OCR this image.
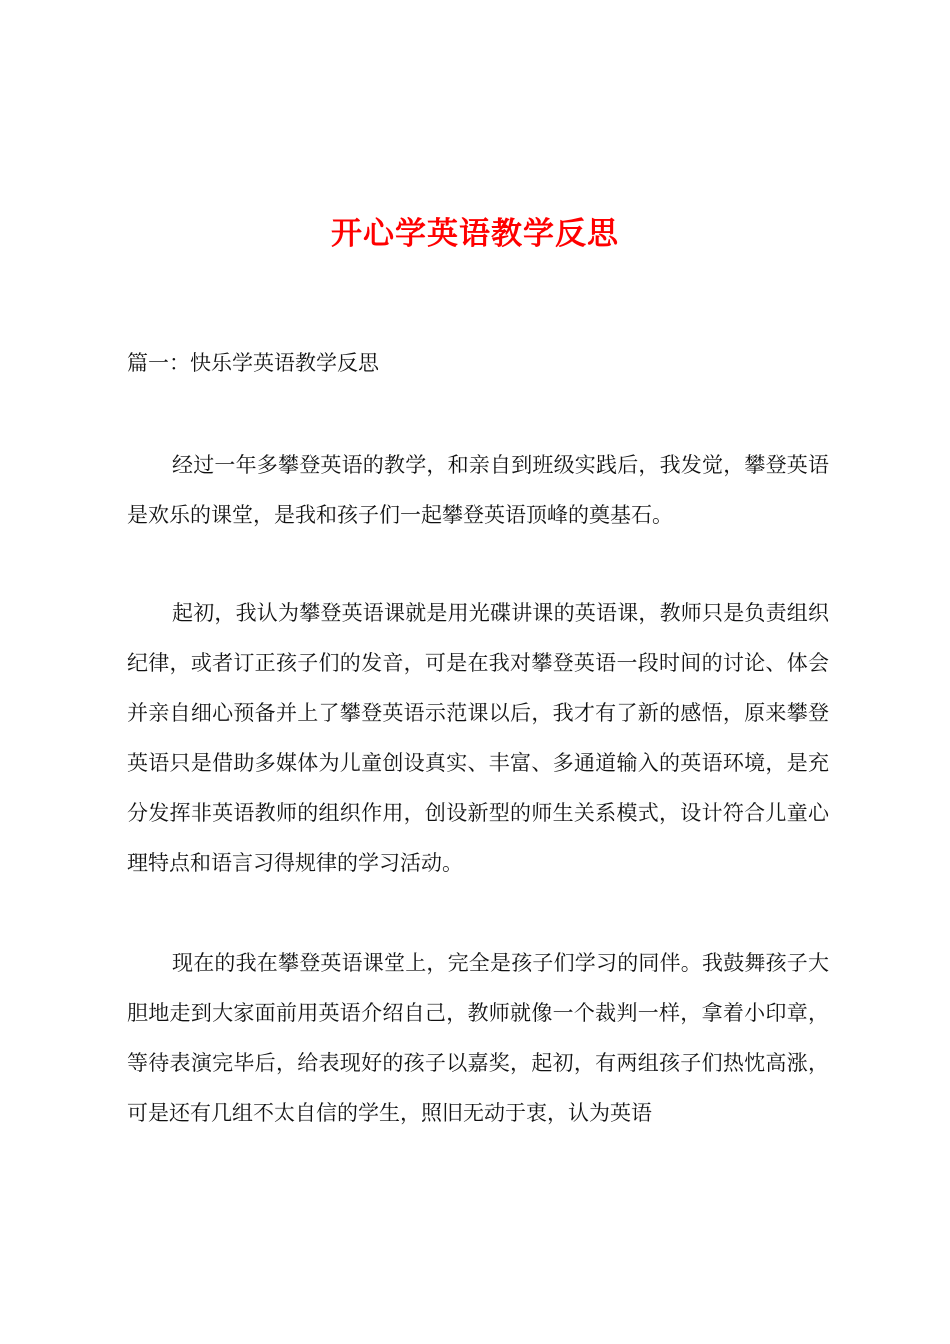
开心学英语教学反思
篇一：快乐学英语教学反思

经过一年多攀登英语的教学，和亲自到班级实践后，我发觉，攀登英语是欢乐的课堂，是我和孩子们一起攀登英语顶峰的奠基石。

起初，我认为攀登英语课就是用光碟讲课的英语课，教师只是负责组织纪律，或者订正孩子们的发音，可是在我对攀登英语一段时间的讨论、体会并亲自细心预备并上了攀登英语示范课以后，我才有了新的感悟，原来攀登英语只是借助多媒体为儿童创设真实、丰富、多通道输入的英语环境，是充分发挥非英语教师的组织作用，创设新型的师生关系模式，设计符合儿童心理特点和语言习得规律的学习活动。

现在的我在攀登英语课堂上，完全是孩子们学习的同伴。我鼓舞孩子大胆地走到大家面前用英语介绍自己，教师就像一个裁判一样，拿着小印章，等待表演完毕后，给表现好的孩子以嘉奖，起初，有两组孩子们热忱高涨，可是还有几组不太自信的学生，照旧无动于衷，认为英语
